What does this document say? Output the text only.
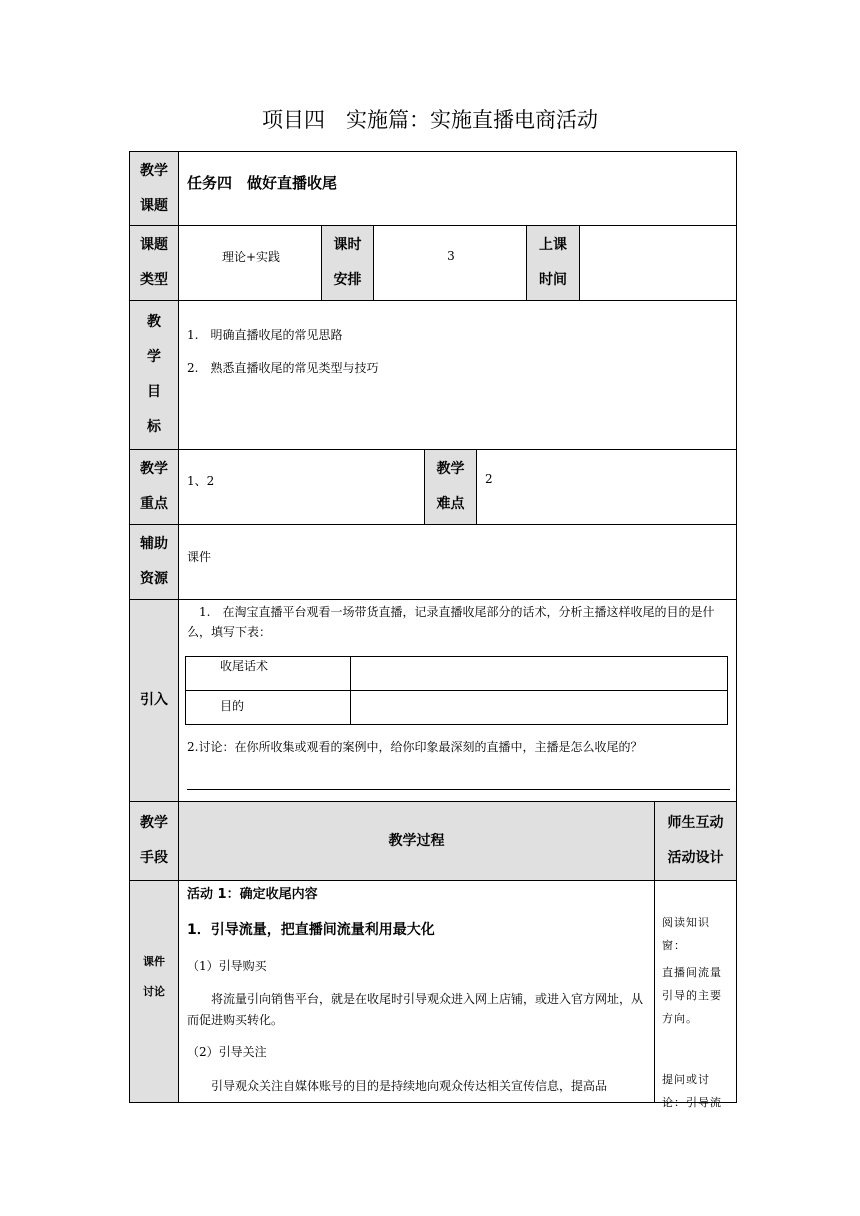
项目四　实施篇：实施直播电商活动
教学
课题
任务四　做好直播收尾
课题
类型
理论+实践
课时
安排
3
上课
时间
教
学
目
标
1.　明确直播收尾的常见思路
2.　熟悉直播收尾的常见类型与技巧
教学
重点
1、2
教学
难点
2
辅助
资源
课件
引入
1.　在淘宝直播平台观看一场带货直播，记录直播收尾部分的话术，分析主播这样收尾的目的是什么，填写下表：
收尾话术
目的
2.讨论：在你所收集或观看的案例中，给你印象最深刻的直播中，主播是怎么收尾的？
教学
手段
教学过程
师生互动
活动设计
课件
讨论
活动 1：确定收尾内容
1．引导流量，把直播间流量利用最大化
（1）引导购买
将流量引向销售平台，就是在收尾时引导观众进入网上店铺，或进入官方网址，从而促进购买转化。
（2）引导关注
引导观众关注自媒体账号的目的是持续地向观众传达相关宣传信息，提高品
阅读知识窗：
直播间流量引导的主要方向。
提问或讨论：引导流
